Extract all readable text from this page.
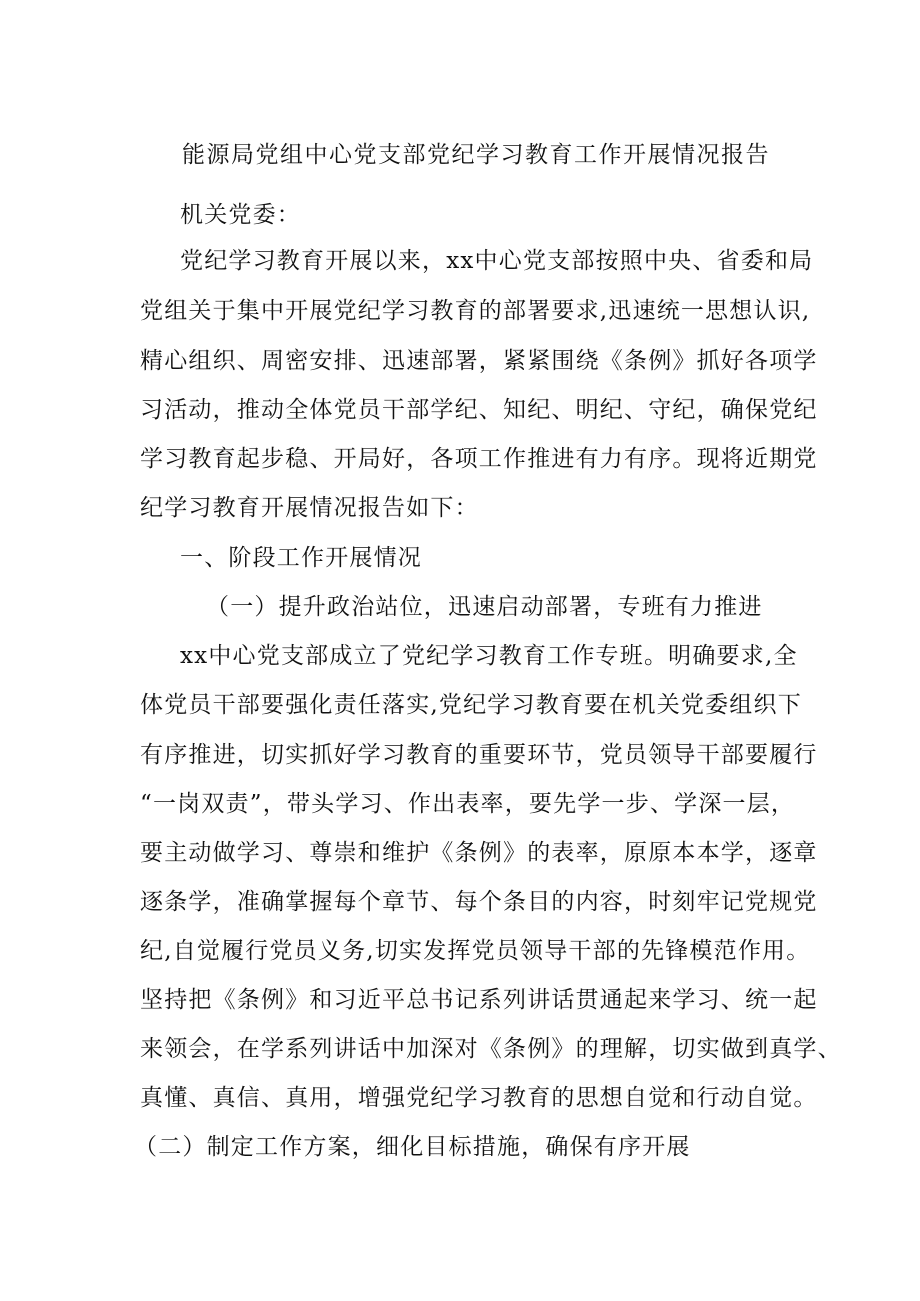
能源局党组中心党支部党纪学习教育工作开展情况报告
机关党委：
党纪学习教育开展以来，xx中心党支部按照中央、省委和局
党组关于集中开展党纪学习教育的部署要求,迅速统一思想认识,
精心组织、周密安排、迅速部署，紧紧围绕《条例》抓好各项学
习活动，推动全体党员干部学纪、知纪、明纪、守纪，确保党纪
学习教育起步稳、开局好，各项工作推进有力有序。现将近期党
纪学习教育开展情况报告如下：
一、阶段工作开展情况
（一）提升政治站位，迅速启动部署，专班有力推进
xx中心党支部成立了党纪学习教育工作专班。明确要求,全
体党员干部要强化责任落实,党纪学习教育要在机关党委组织下
有序推进，切实抓好学习教育的重要环节，党员领导干部要履行
“一岗双责”，带头学习、作出表率，要先学一步、学深一层，
要主动做学习、尊崇和维护《条例》的表率，原原本本学，逐章
逐条学，准确掌握每个章节、每个条目的内容，时刻牢记党规党
纪,自觉履行党员义务,切实发挥党员领导干部的先锋模范作用。
坚持把《条例》和习近平总书记系列讲话贯通起来学习、统一起
来领会，在学系列讲话中加深对《条例》的理解，切实做到真学、
真懂、真信、真用，增强党纪学习教育的思想自觉和行动自觉。
（二）制定工作方案，细化目标措施，确保有序开展
